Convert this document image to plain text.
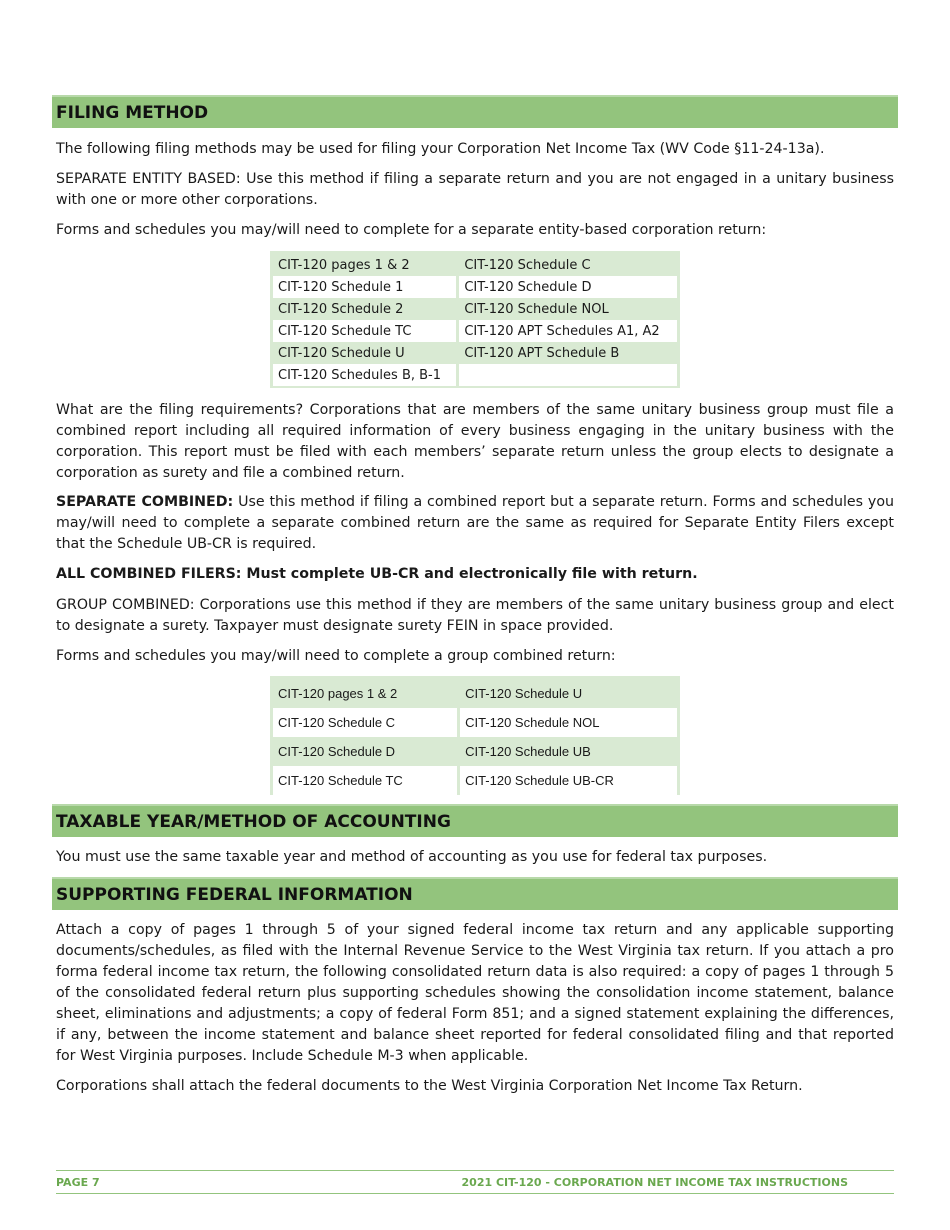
FILING METHOD

The following filing methods may be used for filing your Corporation Net Income Tax (WV Code §11-24-13a).

SEPARATE ENTITY BASED: Use this method if filing a separate return and you are not engaged in a unitary business with one or more other corporations.

Forms and schedules you may/will need to complete for a separate entity-based corporation return:

CIT-120 pages 1 & 2	CIT-120 Schedule C
CIT-120 Schedule 1	CIT-120 Schedule D
CIT-120 Schedule 2	CIT-120 Schedule NOL
CIT-120 Schedule TC	CIT-120 APT Schedules A1, A2
CIT-120 Schedule U	CIT-120 APT Schedule B
CIT-120 Schedules B, B-1	

What are the filing requirements? Corporations that are members of the same unitary business group must file a combined report including all required information of every business engaging in the unitary business with the corporation. This report must be filed with each members’ separate return unless the group elects to designate a corporation as surety and file a combined return.

SEPARATE COMBINED: Use this method if filing a combined report but a separate return. Forms and schedules you may/will need to complete a separate combined return are the same as required for Separate Entity Filers except that the Schedule UB-CR is required.

ALL COMBINED FILERS: Must complete UB-CR and electronically file with return.

GROUP COMBINED: Corporations use this method if they are members of the same unitary business group and elect to designate a surety. Taxpayer must designate surety FEIN in space provided.

Forms and schedules you may/will need to complete a group combined return:

CIT-120 pages 1 & 2	CIT-120 Schedule U
CIT-120 Schedule C	CIT-120 Schedule NOL
CIT-120 Schedule D	CIT-120 Schedule UB
CIT-120 Schedule TC	CIT-120 Schedule UB-CR
TAXABLE YEAR/METHOD OF ACCOUNTING

You must use the same taxable year and method of accounting as you use for federal tax purposes.

SUPPORTING FEDERAL INFORMATION

Attach a copy of pages 1 through 5 of your signed federal income tax return and any applicable supporting documents/schedules, as filed with the Internal Revenue Service to the West Virginia tax return. If you attach a pro forma federal income tax return, the following consolidated return data is also required: a copy of pages 1 through 5 of the consolidated federal return plus supporting schedules showing the consolidation income statement, balance sheet, eliminations and adjustments; a copy of federal Form 851; and a signed statement explaining the differences, if any, between the income statement and balance sheet reported for federal consolidated filing and that reported for West Virginia purposes. Include Schedule M-3 when applicable.

Corporations shall attach the federal documents to the West Virginia Corporation Net Income Tax Return.

PAGE 7	2021 CIT-120 - CORPORATION NET INCOME TAX INSTRUCTIONS
